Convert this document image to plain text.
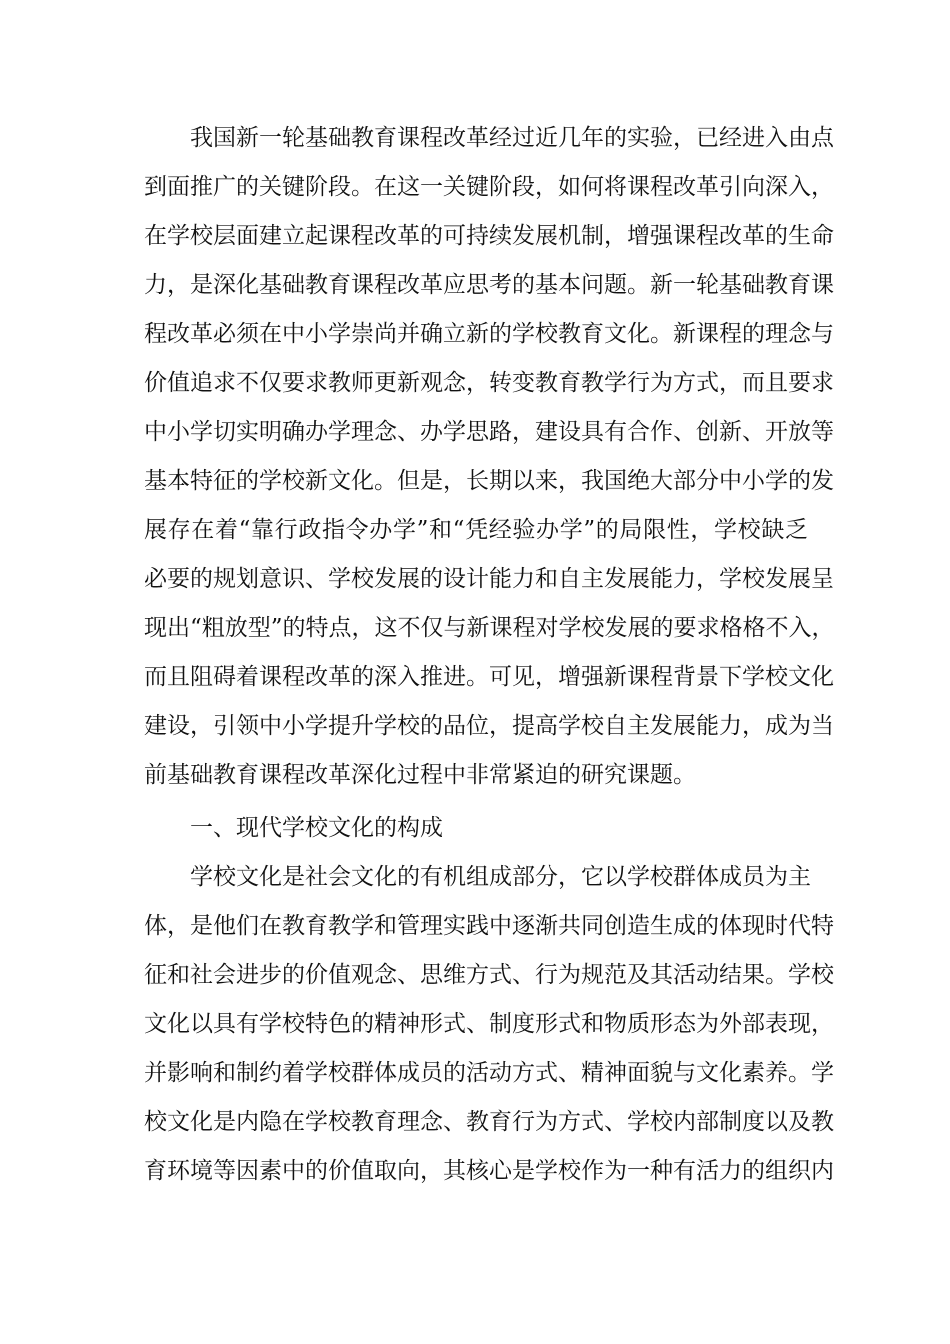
我国新一轮基础教育课程改革经过近几年的实验，已经进入由点
到面推广的关键阶段。在这一关键阶段，如何将课程改革引向深入，
在学校层面建立起课程改革的可持续发展机制，增强课程改革的生命
力，是深化基础教育课程改革应思考的基本问题。新一轮基础教育课
程改革必须在中小学崇尚并确立新的学校教育文化。新课程的理念与
价值追求不仅要求教师更新观念，转变教育教学行为方式，而且要求
中小学切实明确办学理念、办学思路，建设具有合作、创新、开放等
基本特征的学校新文化。但是，长期以来，我国绝大部分中小学的发
展存在着“靠行政指令办学”和“凭经验办学”的局限性，学校缺乏
必要的规划意识、学校发展的设计能力和自主发展能力，学校发展呈
现出“粗放型”的特点，这不仅与新课程对学校发展的要求格格不入，
而且阻碍着课程改革的深入推进。可见，增强新课程背景下学校文化
建设，引领中小学提升学校的品位，提高学校自主发展能力，成为当
前基础教育课程改革深化过程中非常紧迫的研究课题。
一、现代学校文化的构成
学校文化是社会文化的有机组成部分，它以学校群体成员为主
体，是他们在教育教学和管理实践中逐渐共同创造生成的体现时代特
征和社会进步的价值观念、思维方式、行为规范及其活动结果。学校
文化以具有学校特色的精神形式、制度形式和物质形态为外部表现，
并影响和制约着学校群体成员的活动方式、精神面貌与文化素养。学
校文化是内隐在学校教育理念、教育行为方式、学校内部制度以及教
育环境等因素中的价值取向，其核心是学校作为一种有活力的组织内
